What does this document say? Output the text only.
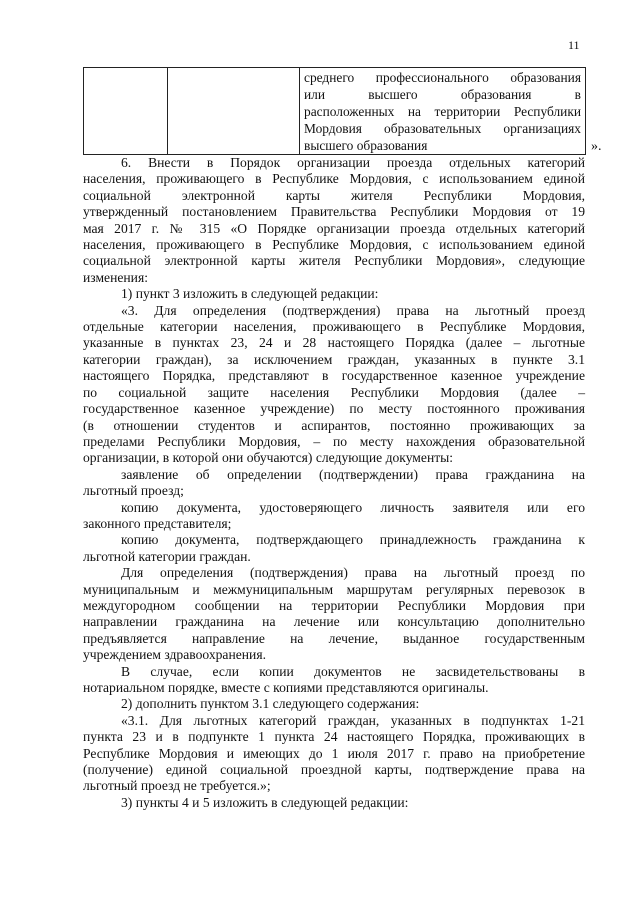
11

среднего профессионального образования
или высшего образования в
расположенных на территории Республики
Мордовия образовательных организациях
высшего образования	».
6. Внести в Порядок организации проезда отдельных категорий
населения, проживающего в Республике Мордовия, с использованием единой
социальной электронной карты жителя Республики Мордовия,
утвержденный постановлением Правительства Республики Мордовия от 19
мая 2017 г. № 315 «О Порядке организации проезда отдельных категорий
населения, проживающего в Республике Мордовия, с использованием единой
социальной электронной карты жителя Республики Мордовия», следующие
изменения:
1) пункт 3 изложить в следующей редакции:
«3. Для определения (подтверждения) права на льготный проезд
отдельные категории населения, проживающего в Республике Мордовия,
указанные в пунктах 23, 24 и 28 настоящего Порядка (далее – льготные
категории граждан), за исключением граждан, указанных в пункте 3.1
настоящего Порядка, представляют в государственное казенное учреждение
по социальной защите населения Республики Мордовия (далее –
государственное казенное учреждение) по месту постоянного проживания
(в отношении студентов и аспирантов, постоянно проживающих за
пределами Республики Мордовия, – по месту нахождения образовательной
организации, в которой они обучаются) следующие документы:
заявление об определении (подтверждении) права гражданина на
льготный проезд;
копию документа, удостоверяющего личность заявителя или его
законного представителя;
копию документа, подтверждающего принадлежность гражданина к
льготной категории граждан.
Для определения (подтверждения) права на льготный проезд по
муниципальным и межмуниципальным маршрутам регулярных перевозок в
междугородном сообщении на территории Республики Мордовия при
направлении гражданина на лечение или консультацию дополнительно
предъявляется направление на лечение, выданное государственным
учреждением здравоохранения.
В случае, если копии документов не засвидетельствованы в
нотариальном порядке, вместе с копиями представляются оригиналы.
2) дополнить пунктом 3.1 следующего содержания:
«3.1. Для льготных категорий граждан, указанных в подпунктах 1-21
пункта 23 и в подпункте 1 пункта 24 настоящего Порядка, проживающих в
Республике Мордовия и имеющих до 1 июля 2017 г. право на приобретение
(получение) единой социальной проездной карты, подтверждение права на
льготный проезд не требуется.»;
3) пункты 4 и 5 изложить в следующей редакции:
